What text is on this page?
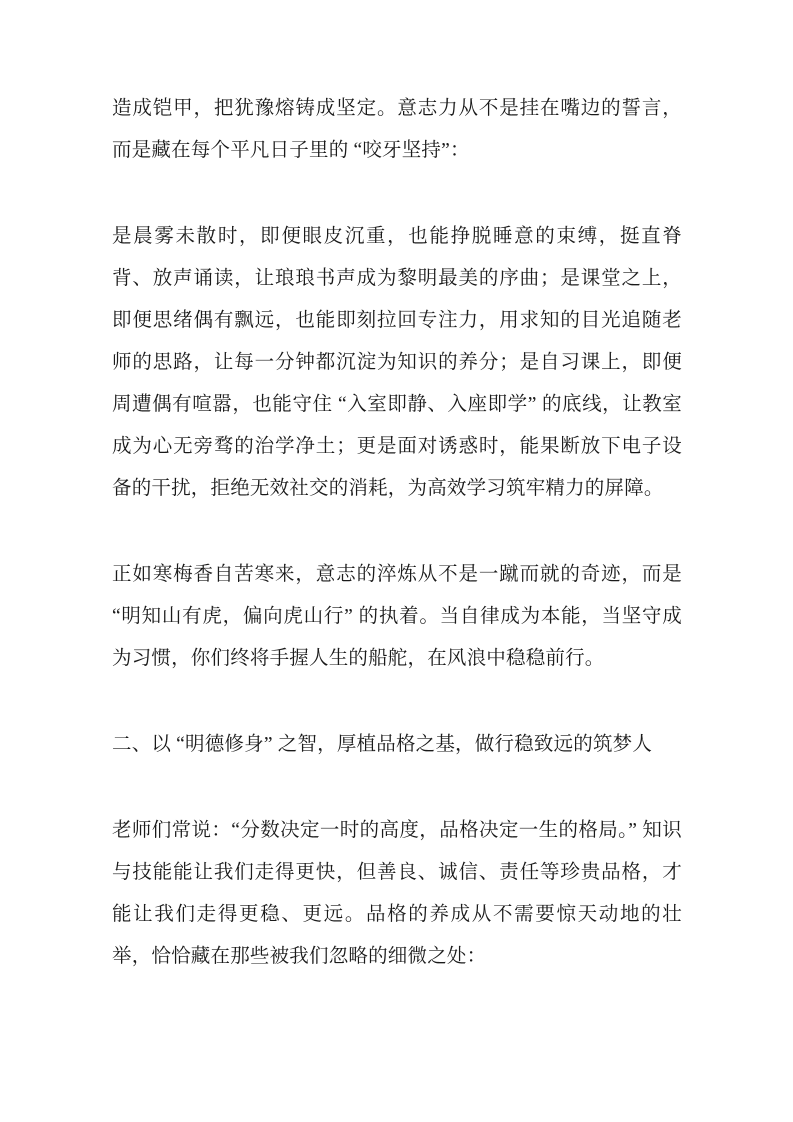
造成铠甲，把犹豫熔铸成坚定。意志力从不是挂在嘴边的誓言，而是藏在每个平凡日子里的 “咬牙坚持”：

是晨雾未散时，即便眼皮沉重，也能挣脱睡意的束缚，挺直脊背、放声诵读，让琅琅书声成为黎明最美的序曲；是课堂之上，即便思绪偶有飘远，也能即刻拉回专注力，用求知的目光追随老师的思路，让每一分钟都沉淀为知识的养分；是自习课上，即便周遭偶有喧嚣，也能守住 “入室即静、入座即学” 的底线，让教室成为心无旁骛的治学净土；更是面对诱惑时，能果断放下电子设备的干扰，拒绝无效社交的消耗，为高效学习筑牢精力的屏障。

正如寒梅香自苦寒来，意志的淬炼从不是一蹴而就的奇迹，而是 “明知山有虎，偏向虎山行” 的执着。当自律成为本能，当坚守成为习惯，你们终将手握人生的船舵，在风浪中稳稳前行。

二、以 “明德修身” 之智，厚植品格之基，做行稳致远的筑梦人

老师们常说：“分数决定一时的高度，品格决定一生的格局。” 知识与技能能让我们走得更快，但善良、诚信、责任等珍贵品格，才能让我们走得更稳、更远。品格的养成从不需要惊天动地的壮举，恰恰藏在那些被我们忽略的细微之处：
